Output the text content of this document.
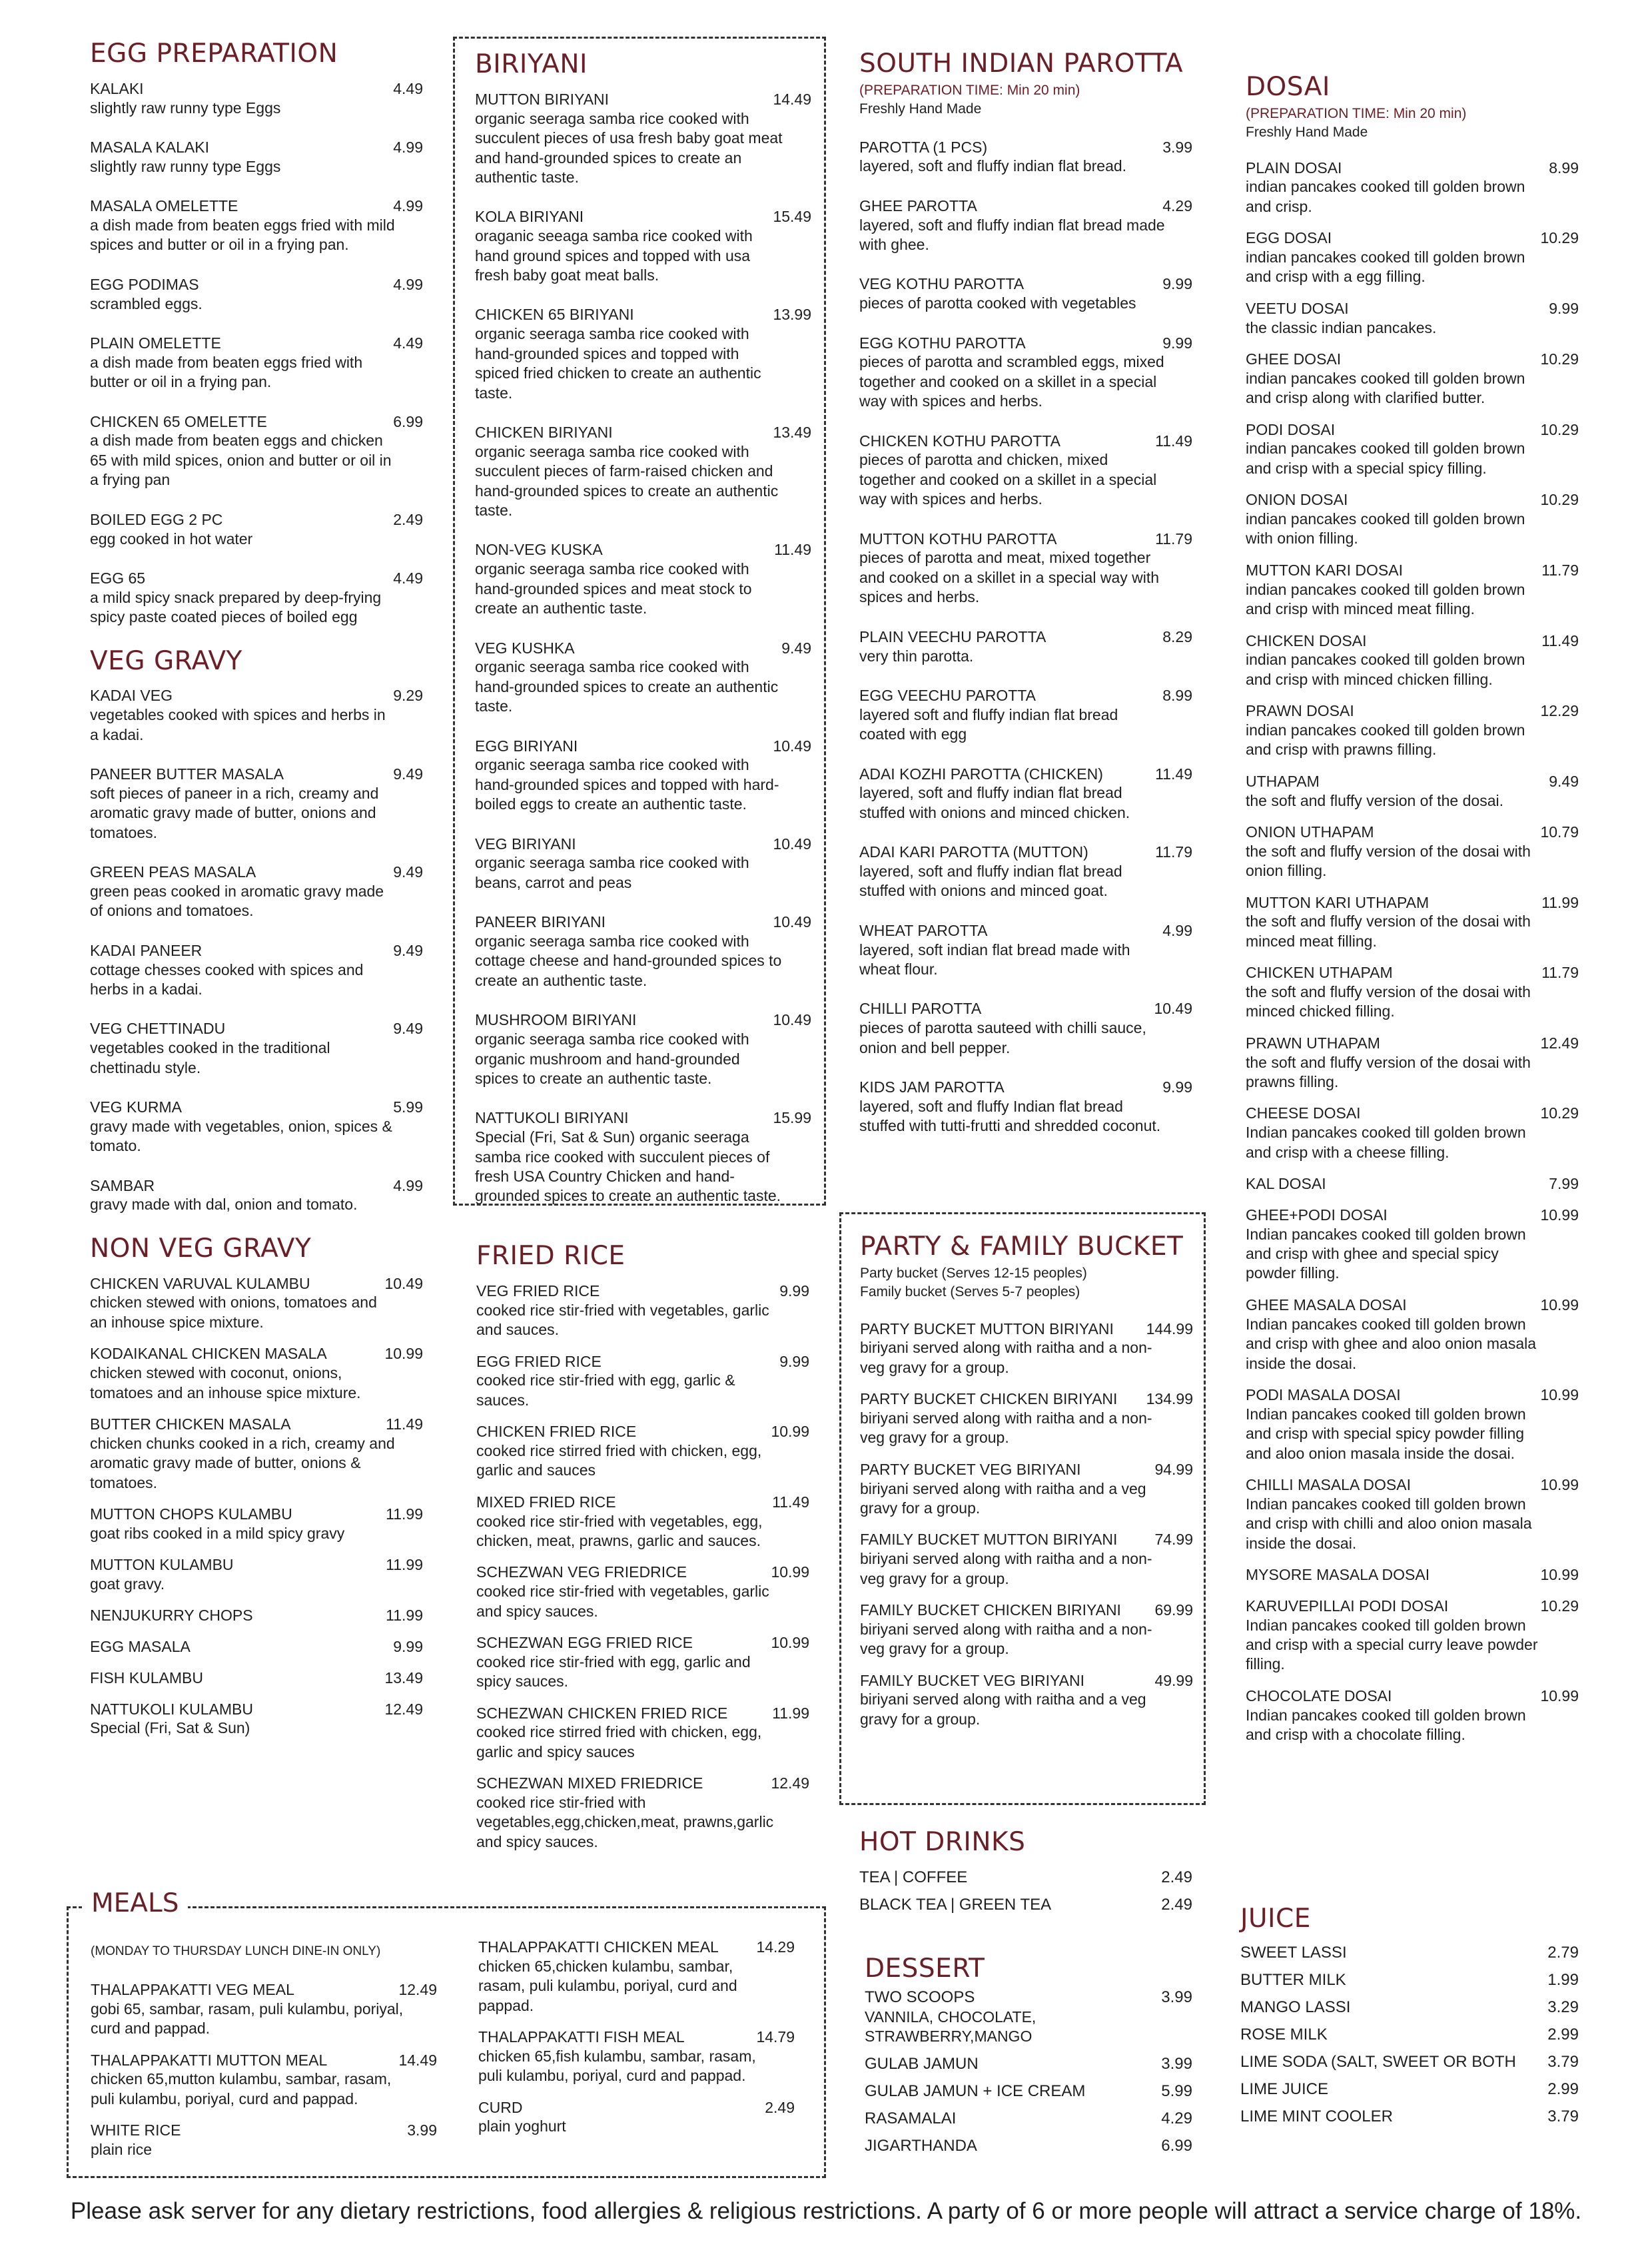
EGG PREPARATION
KALAKI	4.49
slightly raw runny type Eggs
MASALA KALAKI	4.99
slightly raw runny type Eggs
MASALA OMELETTE	4.99
a dish made from beaten eggs fried with mild spices and butter or oil in a frying pan.
EGG PODIMAS	4.99
scrambled eggs.
PLAIN OMELETTE	4.49
a dish made from beaten eggs fried with butter or oil in a frying pan.
CHICKEN 65 OMELETTE	6.99
a dish made from beaten eggs and chicken 65 with mild spices, onion and butter or oil in a frying pan
BOILED EGG 2 PC	2.49
egg cooked in hot water
EGG 65	4.49
a mild spicy snack prepared by deep-frying spicy paste coated pieces of boiled egg
VEG GRAVY
KADAI VEG	9.29
vegetables cooked with spices and herbs in a kadai.
PANEER BUTTER MASALA	9.49
soft pieces of paneer in a rich, creamy and aromatic gravy made of butter, onions and tomatoes.
GREEN PEAS MASALA	9.49
green peas cooked in aromatic gravy made of onions and tomatoes.
KADAI PANEER	9.49
cottage chesses cooked with spices and herbs in a kadai.
VEG CHETTINADU	9.49
vegetables cooked in the traditional chettinadu style.
VEG KURMA	5.99
gravy made with vegetables, onion, spices & tomato.
SAMBAR	4.99
gravy made with dal, onion and tomato.
NON VEG GRAVY
CHICKEN VARUVAL KULAMBU	10.49
chicken stewed with onions, tomatoes and an inhouse spice mixture.
KODAIKANAL CHICKEN MASALA	10.99
chicken stewed with coconut, onions, tomatoes and an inhouse spice mixture.
BUTTER CHICKEN MASALA	11.49
chicken chunks cooked in a rich, creamy and aromatic gravy made of butter, onions & tomatoes.
MUTTON CHOPS KULAMBU	11.99
goat ribs cooked in a mild spicy gravy
MUTTON KULAMBU	11.99
goat gravy.
NENJUKURRY CHOPS	11.99
EGG MASALA	9.99
FISH KULAMBU	13.49
NATTUKOLI KULAMBU	12.49
Special (Fri, Sat & Sun)
BIRIYANI
MUTTON BIRIYANI	14.49
organic seeraga samba rice cooked with succulent pieces of usa fresh baby goat meat and hand-grounded spices to create an authentic taste.
KOLA BIRIYANI	15.49
oraganic seeaga samba rice cooked with hand ground spices and topped with usa fresh baby goat meat balls.
CHICKEN 65 BIRIYANI	13.99
organic seeraga samba rice cooked with hand-grounded spices and topped with spiced fried chicken to create an authentic taste.
CHICKEN BIRIYANI	13.49
organic seeraga samba rice cooked with succulent pieces of farm-raised chicken and hand-grounded spices to create an authentic taste.
NON-VEG KUSKA	11.49
organic seeraga samba rice cooked with hand-grounded spices and meat stock to create an authentic taste.
VEG KUSHKA	9.49
organic seeraga samba rice cooked with hand-grounded spices to create an authentic taste.
EGG BIRIYANI	10.49
organic seeraga samba rice cooked with hand-grounded spices and topped with hard-boiled eggs to create an authentic taste.
VEG BIRIYANI	10.49
organic seeraga samba rice cooked with beans, carrot and peas
PANEER BIRIYANI	10.49
organic seeraga samba rice cooked with cottage cheese and hand-grounded spices to create an authentic taste.
MUSHROOM BIRIYANI	10.49
organic seeraga samba rice cooked with organic mushroom and hand-grounded spices to create an authentic taste.
NATTUKOLI BIRIYANI	15.99
Special (Fri, Sat & Sun) organic seeraga samba rice cooked with succulent pieces of fresh USA Country Chicken and hand-grounded spices to create an authentic taste.
FRIED RICE
VEG FRIED RICE	9.99
cooked rice stir-fried with vegetables, garlic and sauces.
EGG FRIED RICE	9.99
cooked rice stir-fried with egg, garlic & sauces.
CHICKEN FRIED RICE	10.99
cooked rice stirred fried with chicken, egg, garlic and sauces
MIXED FRIED RICE	11.49
cooked rice stir-fried with vegetables, egg, chicken, meat, prawns, garlic and sauces.
SCHEZWAN VEG FRIEDRICE	10.99
cooked rice stir-fried with vegetables, garlic and spicy sauces.
SCHEZWAN EGG FRIED RICE	10.99
cooked rice stir-fried with egg, garlic and spicy sauces.
SCHEZWAN CHICKEN FRIED RICE	11.99
cooked rice stirred fried with chicken, egg, garlic and spicy sauces
SCHEZWAN MIXED FRIEDRICE	12.49
cooked rice stir-fried with vegetables,egg,chicken,meat, prawns,garlic and spicy sauces.
MEALS
(MONDAY TO THURSDAY LUNCH DINE-IN ONLY)
THALAPPAKATTI VEG MEAL	12.49
gobi 65, sambar, rasam, puli kulambu, poriyal, curd and pappad.
THALAPPAKATTI MUTTON MEAL	14.49
chicken 65,mutton kulambu, sambar, rasam, puli kulambu, poriyal, curd and pappad.
WHITE RICE	3.99
plain rice
THALAPPAKATTI CHICKEN MEAL	14.29
chicken 65,chicken kulambu, sambar, rasam, puli kulambu, poriyal, curd and pappad.
THALAPPAKATTI FISH MEAL	14.79
chicken 65,fish kulambu, sambar, rasam, puli kulambu, poriyal, curd and pappad.
CURD	2.49
plain yoghurt
SOUTH INDIAN PAROTTA
(PREPARATION TIME: Min 20 min)
Freshly Hand Made
PAROTTA (1 PCS)	3.99
layered, soft and fluffy indian flat bread.
GHEE PAROTTA	4.29
layered, soft and fluffy indian flat bread made with ghee.
VEG KOTHU PAROTTA	9.99
pieces of parotta cooked with vegetables
EGG KOTHU PAROTTA	9.99
pieces of parotta and scrambled eggs, mixed together and cooked on a skillet in a special way with spices and herbs.
CHICKEN KOTHU PAROTTA	11.49
pieces of parotta and chicken, mixed together and cooked on a skillet in a special way with spices and herbs.
MUTTON KOTHU PAROTTA	11.79
pieces of parotta and meat, mixed together and cooked on a skillet in a special way with spices and herbs.
PLAIN VEECHU PAROTTA	8.29
very thin parotta.
EGG VEECHU PAROTTA	8.99
layered soft and fluffy indian flat bread coated with egg
ADAI KOZHI PAROTTA (CHICKEN)	11.49
layered, soft and fluffy indian flat bread stuffed with onions and minced chicken.
ADAI KARI PAROTTA (MUTTON)	11.79
layered, soft and fluffy indian flat bread stuffed with onions and minced goat.
WHEAT PAROTTA	4.99
layered, soft indian flat bread made with wheat flour.
CHILLI PAROTTA	10.49
pieces of parotta sauteed with chilli sauce, onion and bell pepper.
KIDS JAM PAROTTA	9.99
layered, soft and fluffy Indian flat bread stuffed with tutti-frutti and shredded coconut.
PARTY & FAMILY BUCKET
Party bucket (Serves 12-15 peoples)
Family bucket (Serves 5-7 peoples)
PARTY BUCKET MUTTON BIRIYANI	144.99
biriyani served along with raitha and a non-veg gravy for a group.
PARTY BUCKET CHICKEN BIRIYANI	134.99
biriyani served along with raitha and a non-veg gravy for a group.
PARTY BUCKET VEG BIRIYANI	94.99
biriyani served along with raitha and a veg gravy for a group.
FAMILY BUCKET MUTTON BIRIYANI	74.99
biriyani served along with raitha and a non-veg gravy for a group.
FAMILY BUCKET CHICKEN BIRIYANI	69.99
biriyani served along with raitha and a non-veg gravy for a group.
FAMILY BUCKET VEG BIRIYANI	49.99
biriyani served along with raitha and a veg gravy for a group.
HOT DRINKS
TEA | COFFEE	2.49
BLACK TEA | GREEN TEA	2.49
DESSERT
TWO SCOOPS	3.99
VANNILA, CHOCOLATE, STRAWBERRY,MANGO
GULAB JAMUN	3.99
GULAB JAMUN + ICE CREAM	5.99
RASAMALAI	4.29
JIGARTHANDA	6.99
DOSAI
(PREPARATION TIME: Min 20 min)
Freshly Hand Made
PLAIN DOSAI	8.99
indian pancakes cooked till golden brown and crisp.
EGG DOSAI	10.29
indian pancakes cooked till golden brown and crisp with a egg filling.
VEETU DOSAI	9.99
the classic indian pancakes.
GHEE DOSAI	10.29
indian pancakes cooked till golden brown and crisp along with clarified butter.
PODI DOSAI	10.29
indian pancakes cooked till golden brown and crisp with a special spicy filling.
ONION DOSAI	10.29
indian pancakes cooked till golden brown with onion filling.
MUTTON KARI DOSAI	11.79
indian pancakes cooked till golden brown and crisp with minced meat filling.
CHICKEN DOSAI	11.49
indian pancakes cooked till golden brown and crisp with minced chicken filling.
PRAWN DOSAI	12.29
indian pancakes cooked till golden brown and crisp with prawns filling.
UTHAPAM	9.49
the soft and fluffy version of the dosai.
ONION UTHAPAM	10.79
the soft and fluffy version of the dosai with onion filling.
MUTTON KARI UTHAPAM	11.99
the soft and fluffy version of the dosai with minced meat filling.
CHICKEN UTHAPAM	11.79
the soft and fluffy version of the dosai with minced chicked filling.
PRAWN UTHAPAM	12.49
the soft and fluffy version of the dosai with prawns filling.
CHEESE DOSAI	10.29
Indian pancakes cooked till golden brown and crisp with a cheese filling.
KAL DOSAI	7.99
GHEE+PODI DOSAI	10.99
Indian pancakes cooked till golden brown and crisp with ghee and special spicy powder filling.
GHEE MASALA DOSAI	10.99
Indian pancakes cooked till golden brown and crisp with ghee and aloo onion masala inside the dosai.
PODI MASALA DOSAI	10.99
Indian pancakes cooked till golden brown and crisp with special spicy powder filling and aloo onion masala inside the dosai.
CHILLI MASALA DOSAI	10.99
Indian pancakes cooked till golden brown and crisp with chilli and aloo onion masala inside the dosai.
MYSORE MASALA DOSAI	10.99
KARUVEPILLAI PODI DOSAI	10.29
Indian pancakes cooked till golden brown and crisp with a special curry leave powder filling.
CHOCOLATE DOSAI	10.99
Indian pancakes cooked till golden brown and crisp with a chocolate filling.
JUICE
SWEET LASSI	2.79
BUTTER MILK	1.99
MANGO LASSI	3.29
ROSE MILK	2.99
LIME SODA (SALT, SWEET OR BOTH	3.79
LIME JUICE	2.99
LIME MINT COOLER	3.79
Please ask server for any dietary restrictions, food allergies & religious restrictions. A party of 6 or more people will attract a service charge of 18%.
